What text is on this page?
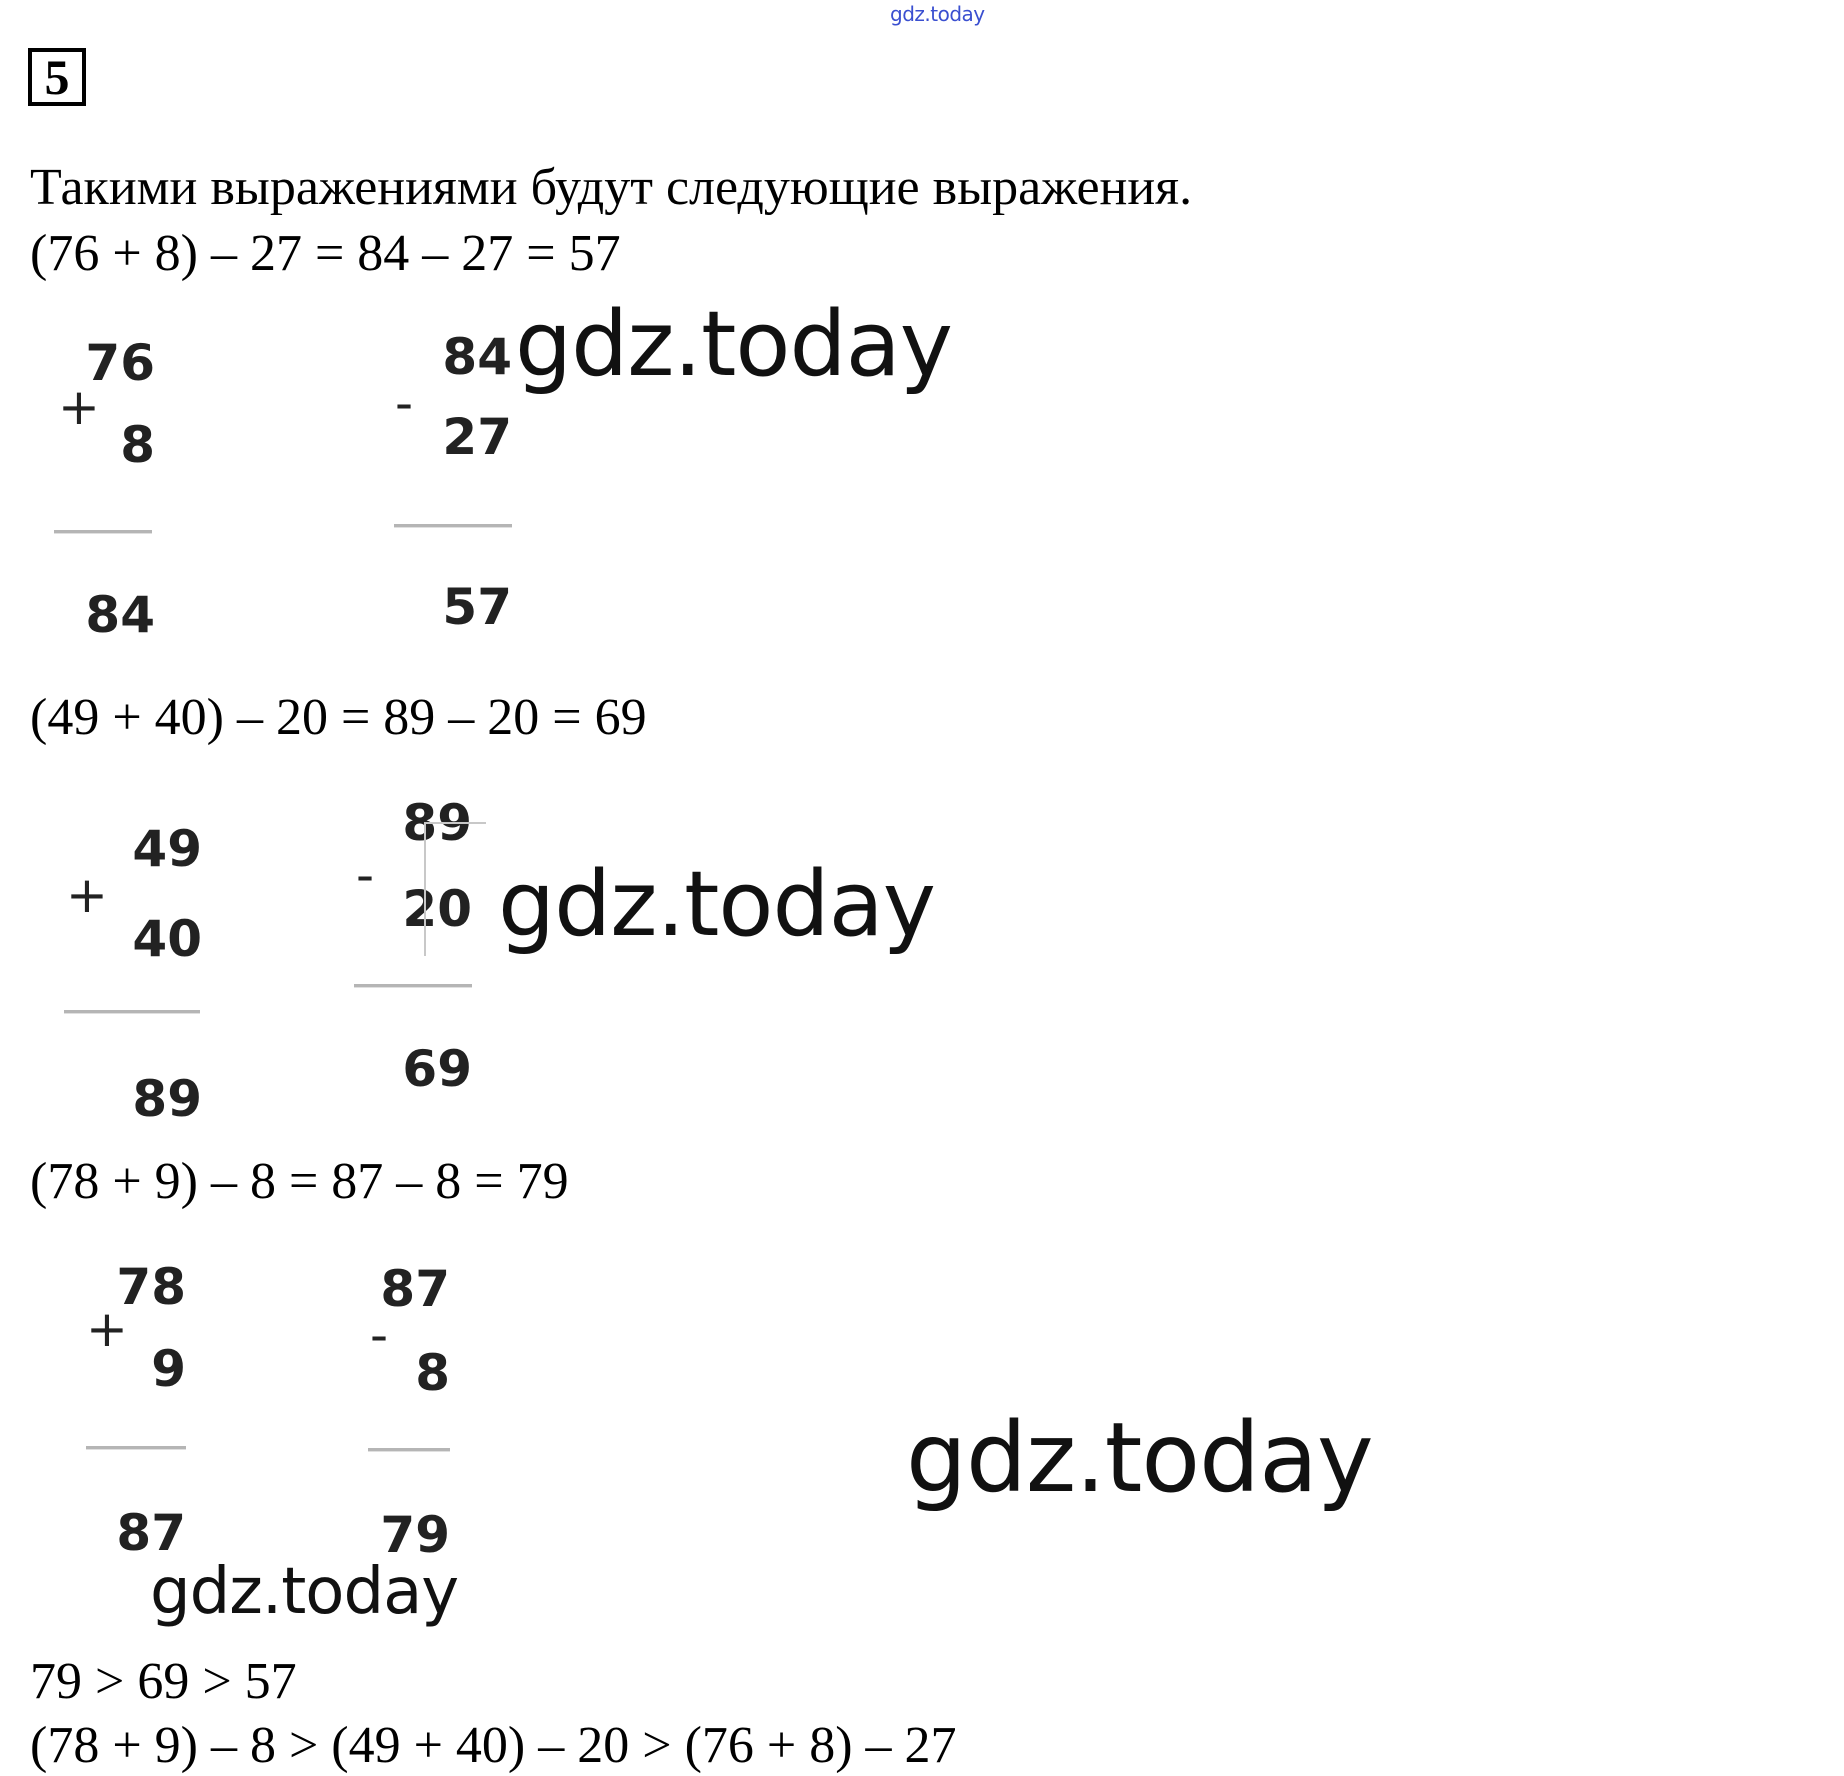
gdz.today
5
Такими выражениями будут следующие выражения.
(76 + 8) – 27 = 84 – 27 = 57
76
+
8
84
84
-
27
57
gdz.today
(49 + 40) – 20 = 89 – 20 = 69
49
+
40
89
89
-
20
69
gdz.today
(78 + 9) – 8 = 87 – 8 = 79
78
+
9
87
87
-
8
79
gdz.today
gdz.today
79 > 69 > 57
(78 + 9) – 8 > (49 + 40) – 20 > (76 + 8) – 27
